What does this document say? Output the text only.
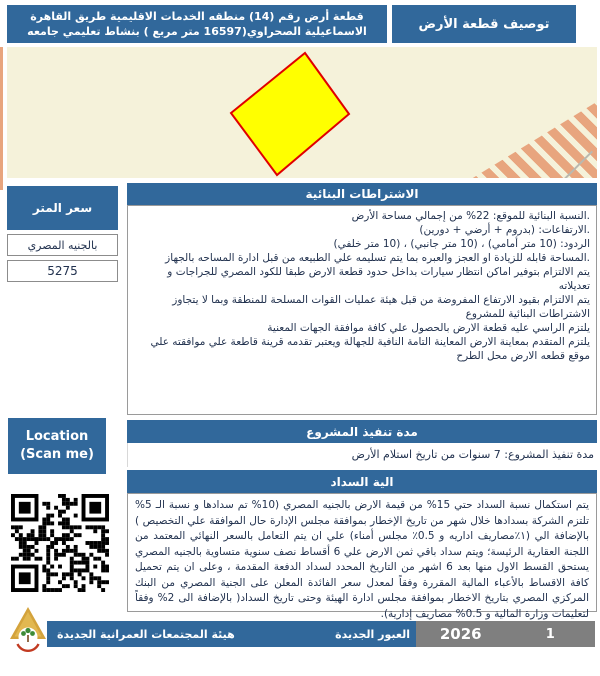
قطعة أرض رقم (14) منطقه الخدمات الاقليمية طريق القاهرة الاسماعيلية الصحراوي(16597 متر مربع ) بنشاط تعليمي جامعه	توصيف قطعة الأرض
سعر المتر
بالجنيه المصري
5275
الاشتراطات البنائية
.النسبة البنائية للموقع: 22% من إجمالي مساحة الأرض
.الارتفاعات: (بدروم + أرضي + دورين)
الردود: (10 متر أمامي) ، (10 متر جانبي) ، (10 متر خلفي)
.المساحة قابله للزيادة او العجز والعبره بما يتم تسليمه علي الطبيعه من قبل ادارة المساحه بالجهاز
يتم الالتزام بتوفير اماكن انتظار سيارات بداخل حدود قطعة الارض طبقا للكود المصري للجراجات و تعديلاته
يتم الالتزام بقيود الارتفاع المفروضة من قبل هيئة عمليات القوات المسلحة للمنطقة وبما لا يتجاوز الاشتراطات البنائية للمشروع
يلتزم الراسي عليه قطعة الارض بالحصول علي كافة موافقة الجهات المعنية
يلتزم المتقدم بمعاينة الارض المعاينة التامة النافية للجهالة ويعتبر تقدمه قرينة قاطعة علي موافقته علي موقع قطعه الارض محل الطرح
Location
(Scan me)
مدة تنفيذ المشروع
مدة تنفيذ المشروع: 7 سنوات من تاريخ استلام الأرض
الية السداد
يتم استكمال نسبة السداد حتي 15% من قيمة الارض بالجنيه المصري (10% تم سدادها و نسبة الـ 5% تلتزم الشركة بسدادها خلال شهر من تاريخ الإخطار بموافقة مجلس الإدارة حال الموافقة علي التخصيص ) بالإضافة الي (١٪مصاريف اداريه و 0.5٪ مجلس أمناء) علي ان يتم التعامل بالسعر النهائي المعتمد من اللجنة العقارية الرئيسة؛ ويتم سداد باقي ثمن الارض علي 6 أقساط نصف سنوية متساوية بالجنيه المصري يستحق القسط الاول منها بعد 6 اشهر من التاريخ المحدد لسداد الدفعة المقدمة ، وعلى ان يتم تحميل كافة الاقساط بالأعباء المالية المقررة وفقاً لمعدل سعر الفائدة المعلن على الجنية المصري من البنك المركزي المصري بتاريخ الاخطار بموافقة مجلس ادارة الهيئة وحتى تاريخ السداد( بالإضافة الى 2% وفقاً لتعليمات وزارة المالية و 0.5% مصاريف إدارية).
هيئة المجتمعات العمرانية الجديدة	العبور الجديدة	2026	1
